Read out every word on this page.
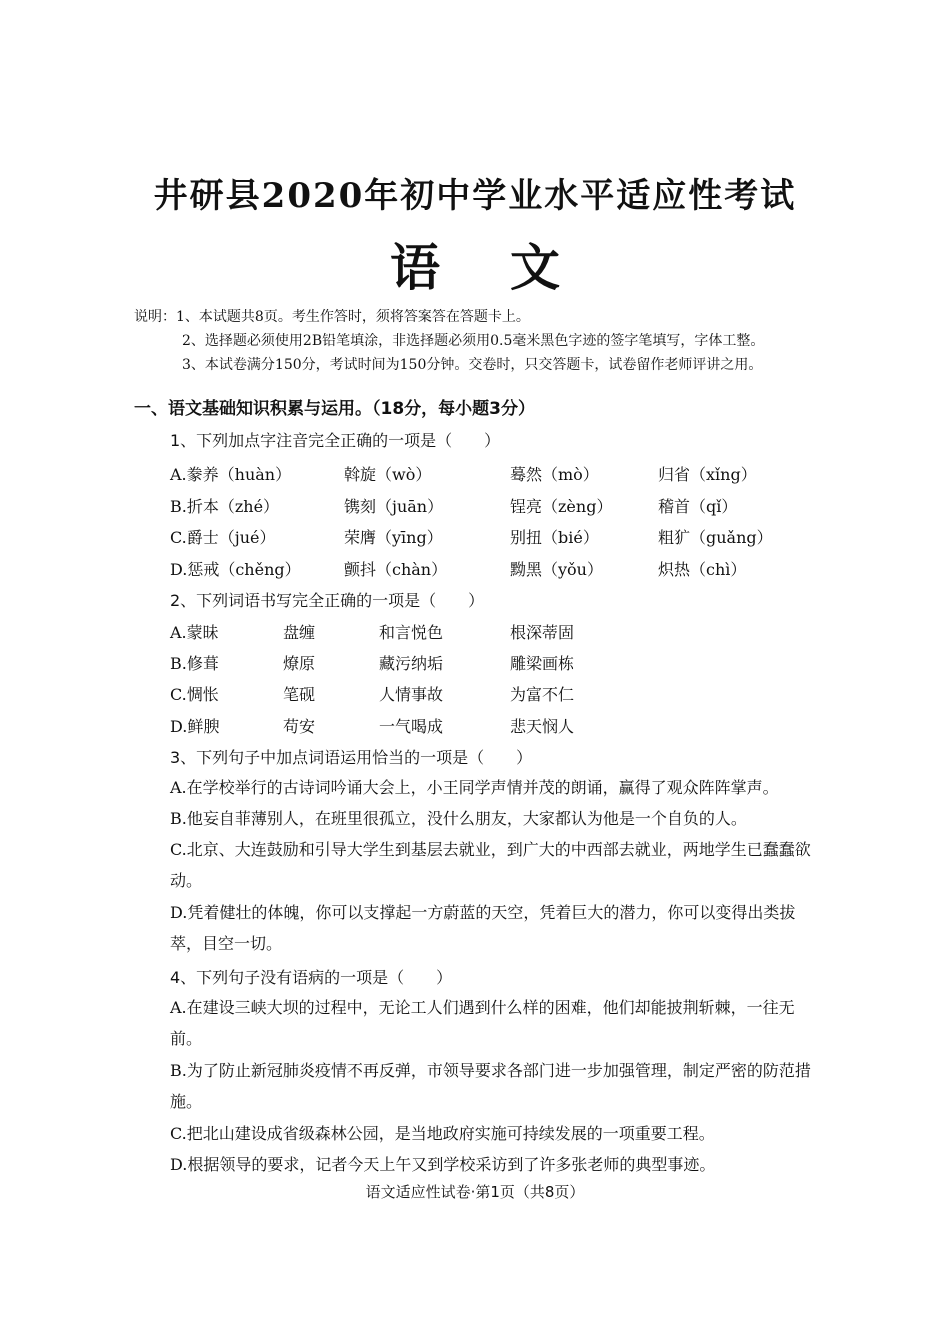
井研县2020年初中学业水平适应性考试
语文
说明：1、本试题共8页。考生作答时，须将答案答在答题卡上。
2、选择题必须使用2B铅笔填涂，非选择题必须用0.5毫米黑色字迹的签字笔填写，字体工整。
3、本试卷满分150分，考试时间为150分钟。交卷时，只交答题卡，试卷留作老师评讲之用。
一、语文基础知识积累与运用。（18分，每小题3分）
1、下列加点字注音完全正确的一项是（　　）
A.豢养（huàn）	斡旋（wò）	蓦然（mò）	归省（xǐng）
B.折本（zhé）	镌刻（juān）	锃亮（zèng）	稽首（qǐ）
C.爵士（jué）	荣膺（yīng）	别扭（bié）	粗犷（guǎng）
D.惩戒（chěng）	颤抖（chàn）	黝黑（yǒu）	炽热（chì）
2、下列词语书写完全正确的一项是（　　）
A.蒙昧	盘缠	和言悦色	根深蒂固
B.修葺	燎原	藏污纳垢	雕梁画栋
C.惆怅	笔砚	人情事故	为富不仁
D.鲜腴	苟安	一气喝成	悲天悯人
3、下列句子中加点词语运用恰当的一项是（　　）
A.在学校举行的古诗词吟诵大会上，小王同学声情并茂的朗诵，赢得了观众阵阵掌声。
B.他妄自菲薄别人，在班里很孤立，没什么朋友，大家都认为他是一个自负的人。
C.北京、大连鼓励和引导大学生到基层去就业，到广大的中西部去就业，两地学生已蠢蠢欲动。
D.凭着健壮的体魄，你可以支撑起一方蔚蓝的天空，凭着巨大的潜力，你可以变得出类拔萃，目空一切。
4、下列句子没有语病的一项是（　　）
A.在建设三峡大坝的过程中，无论工人们遇到什么样的困难，他们却能披荆斩棘，一往无前。
B.为了防止新冠肺炎疫情不再反弹，市领导要求各部门进一步加强管理，制定严密的防范措施。
C.把北山建设成省级森林公园，是当地政府实施可持续发展的一项重要工程。
D.根据领导的要求，记者今天上午又到学校采访到了许多张老师的典型事迹。
语文适应性试卷·第1页（共8页）
